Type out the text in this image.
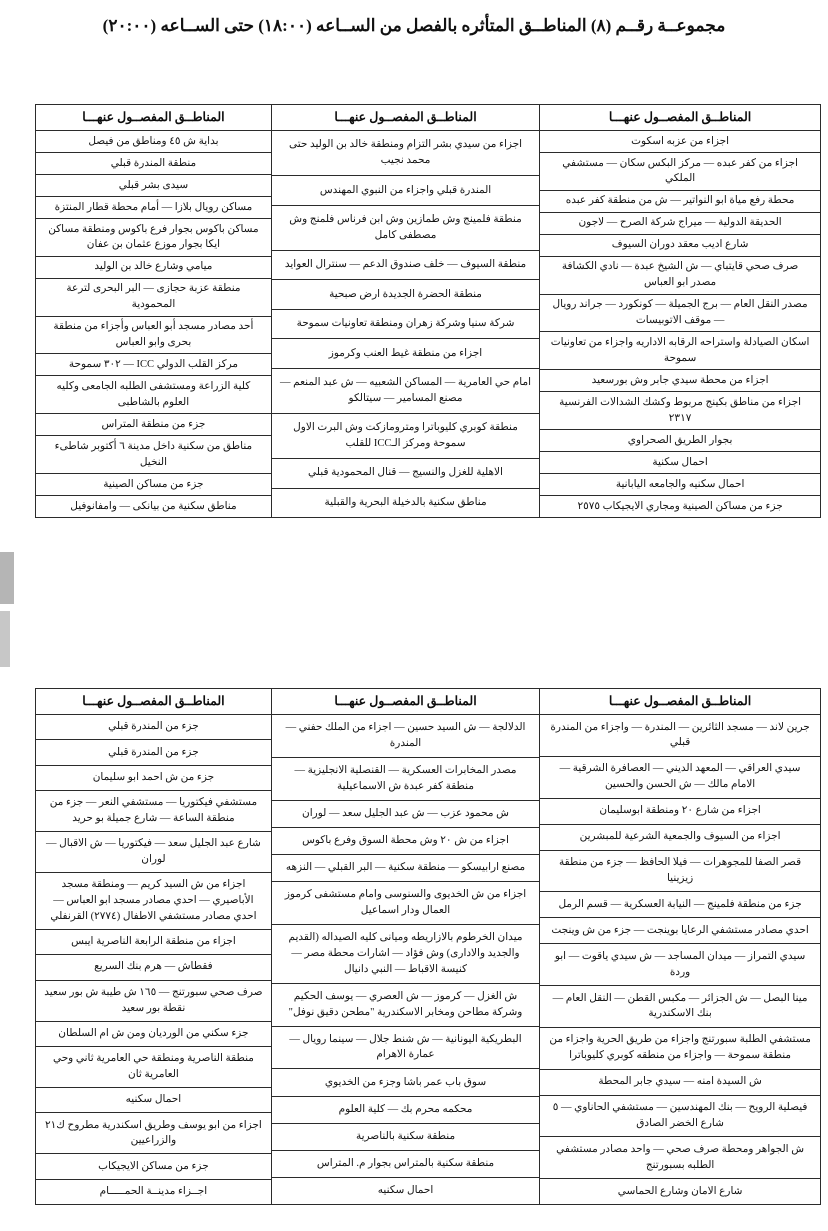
مجموعــة رقــم (٨) المناطــق المتأثره بالفصل من الســاعه (١٨:٠٠) حتى الســاعه (٢٠:٠٠)
المناطــق المفصــول عنهـــا
اجزاء من عزبه اسكوت
اجزاء من كفر عبده — مركز البكس سكان — مستشفي الملكي
محطة رفع مياة ابو النواتير — ش من منطقة كفر عبده
الحديقة الدولية — ميراج شركة الصرح — لاجون
شارع اديب معقد دوران السيوف
صرف صحي قايتباي — ش الشيخ عبدة — نادي الكشافة مصدر ابو العباس
مصدر النقل العام — برج الجميلة — كونكورد — جراند رويال — موقف الاتوبيسات
اسكان الصيادلة واستراحه الرقابه الاداريه واجزاء من تعاونيات سموحة
اجزاء من محطة سيدي جابر وش بورسعيد
اجزاء من مناطق بكينج مربوط وكشك الشدالات الفرنسية ٢٣١٧
بجوار الطريق الصحراوي
احمال سكنية
احمال سكنيه والجامعه اليابانية
جزء من مساكن الصينية ومجاري الايجيكاب ٢٥٧٥
المناطــق المفصــول عنهـــا
اجزاء من سيدي بشر التزام ومنطقة خالد بن الوليد حتى محمد نجيب
المندرة قبلي واجزاء من النبوي المهندس
منطقة فلمينج وش طمازين وش ابن فرناس فلمنج وش مصطفى كامل
منطقة السيوف — خلف صندوق الدعم — سنترال العوايد
منطقة الحضرة الجديدة ارض صبحية
شركة سنيا وشركة زهران ومنطقة تعاونيات سموحة
اجزاء من منطقة غيط العنب وكرموز
امام حي العامرية — المساكن الشعبيه — ش عبد المنعم — مصنع المسامير — سيتالكو
منطقة كوبري كليوباترا ومترومازكت وش البرت الاول سموحة ومركز الـICC للقلب
الاهلية للغزل والنسيج — قنال المحمودية قبلي
مناطق سكنية بالدخيلة البحرية والقبلية
المناطــق المفصــول عنهـــا
بداية ش ٤٥ ومناطق من فيصل
منطقة المندرة قبلي
سيدى بشر قبلي
مساكن رويال بلازا — أمام محطة قطار المنتزة
مساكن باكوس بجوار فرع باكوس ومنطقة مساكن ايكا بجوار موزع عثمان بن عفان
ميامي وشارع خالد بن الوليد
منطقة عزبة حجازى — البر البحرى لترعة المحمودية
أحد مصادر مسجد أبو العباس وأجزاء من منطقة بحرى وابو العباس
مركز القلب الدولي ICC — ٣٠٢ سموحة
كلية الزراعة ومستشفى الطلبه الجامعى وكليه العلوم بالشاطبى
جزء من منطقة المتراس
مناطق من سكنية داخل مدينة ٦ أكتوبر شاطىء النخيل
جزء من مساكن الصينية
مناطق سكنية من بيانكى — وامفانوفيل
المناطــق المفصــول عنهـــا
جرين لاند — مسجد الثائرين — المندرة — واجزاء من المندرة قبلي
سيدي العراقي — المعهد الديني — العصافرة الشرقية — الامام مالك — ش الحسن والحسين
اجزاء من شارع ٢٠ ومنطقة ابوسليمان
اجزاء من السيوف والجمعية الشرعية للمبشرين
قصر الصفا للمجوهرات — فيلا الحافظ — جزء من منطقة زيزينيا
جزء من منطقة فلمينج — النيابة العسكرية — قسم الرمل
احدي مصادر مستشفي الرعايا بوينجت — جزء من ش وينجت
سيدي التمراز — ميدان المساجد — ش سيدي ياقوت — ابو وردة
مينا البصل — ش الجزائر — مكبس القطن — النقل العام — بنك الاسكندرية
مستشفي الطلبة سبورتنج واجزاء من طريق الحرية واجزاء من منطقة سموحة — واجزاء من منطقه كوبري كليوباترا
ش السيدة امنه — سيدي جابر المحطة
فيصلية الرويح — بنك المهندسين — مستشفي الحاناوي — ٥ شارع الخضر الصادق
ش الجواهر ومحطة صرف صحي — واحد مصادر مستشفي الطلبه بسبورتنج
شارع الامان وشارع الحماسي
المناطــق المفصــول عنهـــا
الدلالجة — ش السيد حسين — اجزاء من الملك حفني — المندرة
مصدر المخابرات العسكرية — القنصلية الانجليزية — منطقة كفر عبدة ش الاسماعيلية
ش محمود عزب — ش عبد الجليل سعد — لوران
اجزاء من ش ٢٠ وش محطة السوق وفرع باكوس
مصنع ارابيسكو — منطقة سكنية — البر القبلي — النزهه
اجزاء من ش الخديوى والسنوسى وامام مستشفى كرموز العمال ودار اسماعيل
ميدان الخرطوم بالازاريطه وميانى كليه الصيداله (القديم والجديد والادارى) وش فؤاد — اشارات محطة مصر — كنيسة الاقباط — النبي دانيال
ش الغزل — كرموز — ش العصري — يوسف الحكيم وشركة مطاحن ومخابر الاسكندرية "مطحن دقيق نوفل"
البطريكية اليونانية — ش شنط جلال — سينما رويال — عمارة الاهرام
سوق باب عمر باشا وجزء من الخديوي
محكمه محرم بك — كلية العلوم
منطقة سكنية بالناصرية
منطقة سكنية بالمتراس بجوار م. المتراس
احمال سكنيه
المناطــق المفصــول عنهـــا
جزء من المندرة قبلي
جزء من المندرة قبلي
جزء من ش احمد ابو سليمان
مستشفي فيكتوريا — مستشفي النعر — جزء من منطقة الساعة — شارع جميلة بو حريد
شارع عبد الجليل سعد — فيكتوريا — ش الاقبال — لوران
اجزاء من ش السيد كريم — ومنطقة مسجد الأباصيري — احدي مصادر مسجد ابو العباس — احدي مصادر مستشفي الاطفال (٢٧٧٤) القرنفلي
اجزاء من منطقة الرابعة الناصرية ايبس
فقطاش — هرم بنك السريع
صرف صحي سبورتنج — ١٦٥ ش طيبة ش بور سعيد نقطة بور سعيد
جزء سكني من الورديان ومن ش ام السلطان
منطقة الناصرية ومنطقة حي العامرية ثاني وحي العامرية ثان
احمال سكنيه
اجزاء من ابو يوسف وطريق اسكندرية مطروح ك٢١ والزراعيين
جزء من مساكن الايجيكاب
اجــزاء مدينــة الحمـــــام
